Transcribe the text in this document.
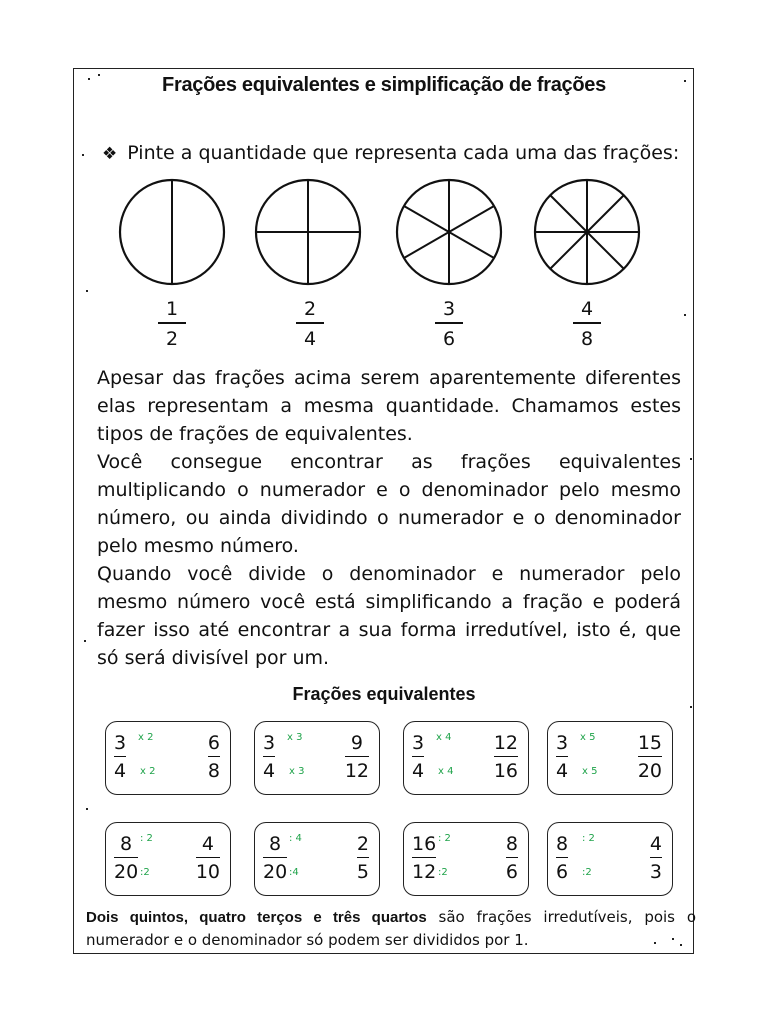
Frações equivalentes e simplificação de frações
❖ Pinte a quantidade que representa cada uma das frações:
1
2
2
4
3
6
4
8
Apesar das frações acima serem aparentemente diferentes elas representam a mesma quantidade. Chamamos estes tipos de frações de equivalentes.
Você consegue encontrar as frações equivalentes multiplicando o numerador e o denominador pelo mesmo número, ou ainda dividindo o numerador e o denominador pelo mesmo número.
Quando você divide o denominador e numerador pelo mesmo número você está simplificando a fração e poderá fazer isso até encontrar a sua forma irredutível, isto é, que só será divisível por um.
Frações equivalentes
3
4
x 2
x 2
6
8
3
4
x 3
x 3
9
12
3
4
x 4
x 4
12
16
3
4
x 5
x 5
15
20
8
20
: 2
:2
4
10
8
20
: 4
:4
2
5
16
12
: 2
:2
8
6
8
6
: 2
:2
4
3
Dois quintos, quatro terços e três quartos são frações irredutíveis, pois o numerador e o denominador só podem ser divididos por 1.
